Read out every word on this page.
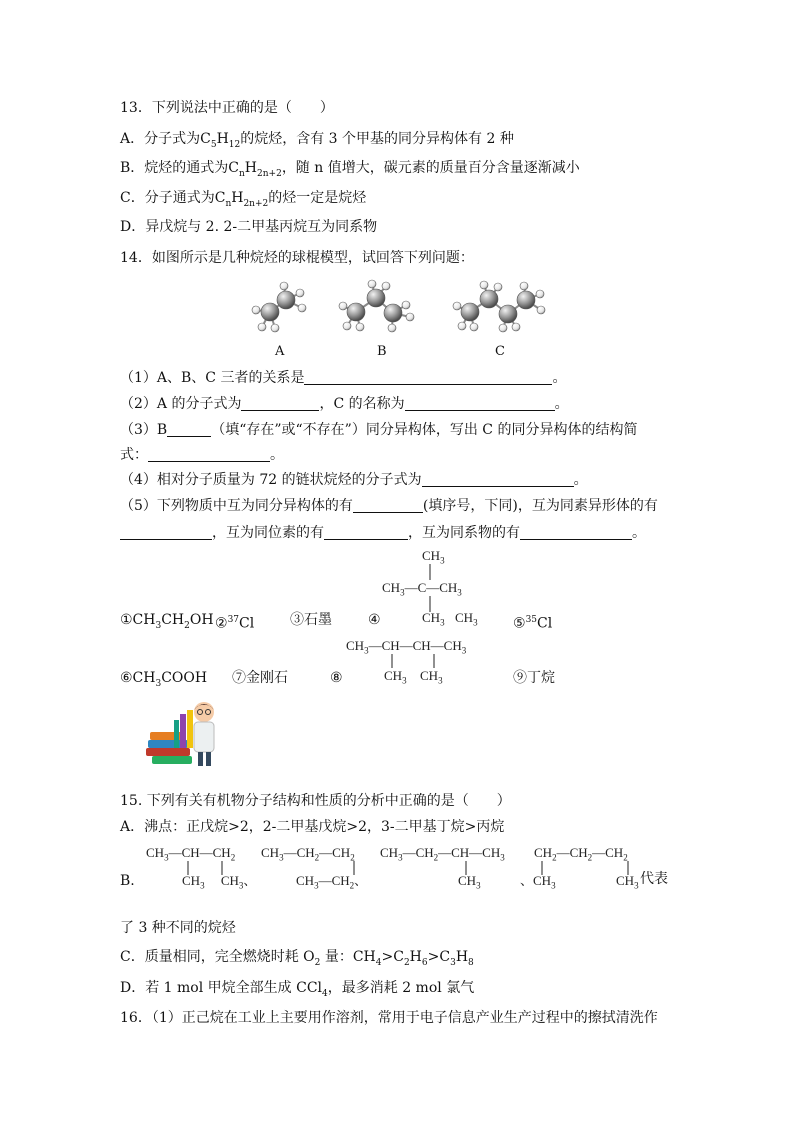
13．下列说法中正确的是（　　）
A．分子式为$C_5H_{12}$的烷烃，含有 3 个甲基的同分异构体有 2 种
B．烷烃的通式为$C_nH_{2n+2}$，随 n 值增大，碳元素的质量百分含量逐渐减小
C．分子通式为$C_nH_{2n+2}$的烃一定是烷烃
D．异戊烷与 2. 2-二甲基丙烷互为同系物
14．如图所示是几种烷烃的球棍模型，试回答下列问题：
A	B	C
（1）A、B、C 三者的关系是	。
（2）A 的分子式为	，C 的名称为	。
（3）B	（填“存在”或“不存在”）同分异构体，写出 C 的同分异构体的结构简
式：	。
（4）相对分子质量为 72 的链状烷烃的分子式为	。
（5）下列物质中互为同分异构体的有	(填序号，下同)，互为同素异形体的有
，互为同位素的有	，互为同系物的有	。
$CH_3$
$CH_3—C—CH_3$
$CH_3$
$①CH_3CH_2OH$ ②$^{37}$Cl	③石墨	④	$CH_3$	⑤$^{35}$Cl
$CH_3—CH—CH—CH_3$
$CH_3$ $CH_3$
$⑥CH_3COOH$ ⑦金刚石	⑧	⑨丁烷
15. 下列有关有机物分子结构和性质的分析中正确的是（　　）
A．沸点：正戊烷>2，2-二甲基戊烷>2，3-二甲基丁烷>丙烷
B.
$CH_3—CH—CH_2$
$CH_3$     $CH_3$、
$CH_3—CH_2—CH_2$
$CH_3—CH_2$、
$CH_3—CH_2—CH—CH_3$
$CH_3$
$CH_2—CH_2—CH_2$
、$CH_3$	$CH_3$ 代表
了 3 种不同的烷烃
C．质量相同，完全燃烧时耗 $O_2$ 量：$CH_4>C_2H_6>C_3H_8$
D．若 1 mol 甲烷全部生成 CCl$_4$，最多消耗 2 mol 氯气
16．（1）正己烷在工业上主要用作溶剂，常用于电子信息产业生产过程中的擦拭清洗作
